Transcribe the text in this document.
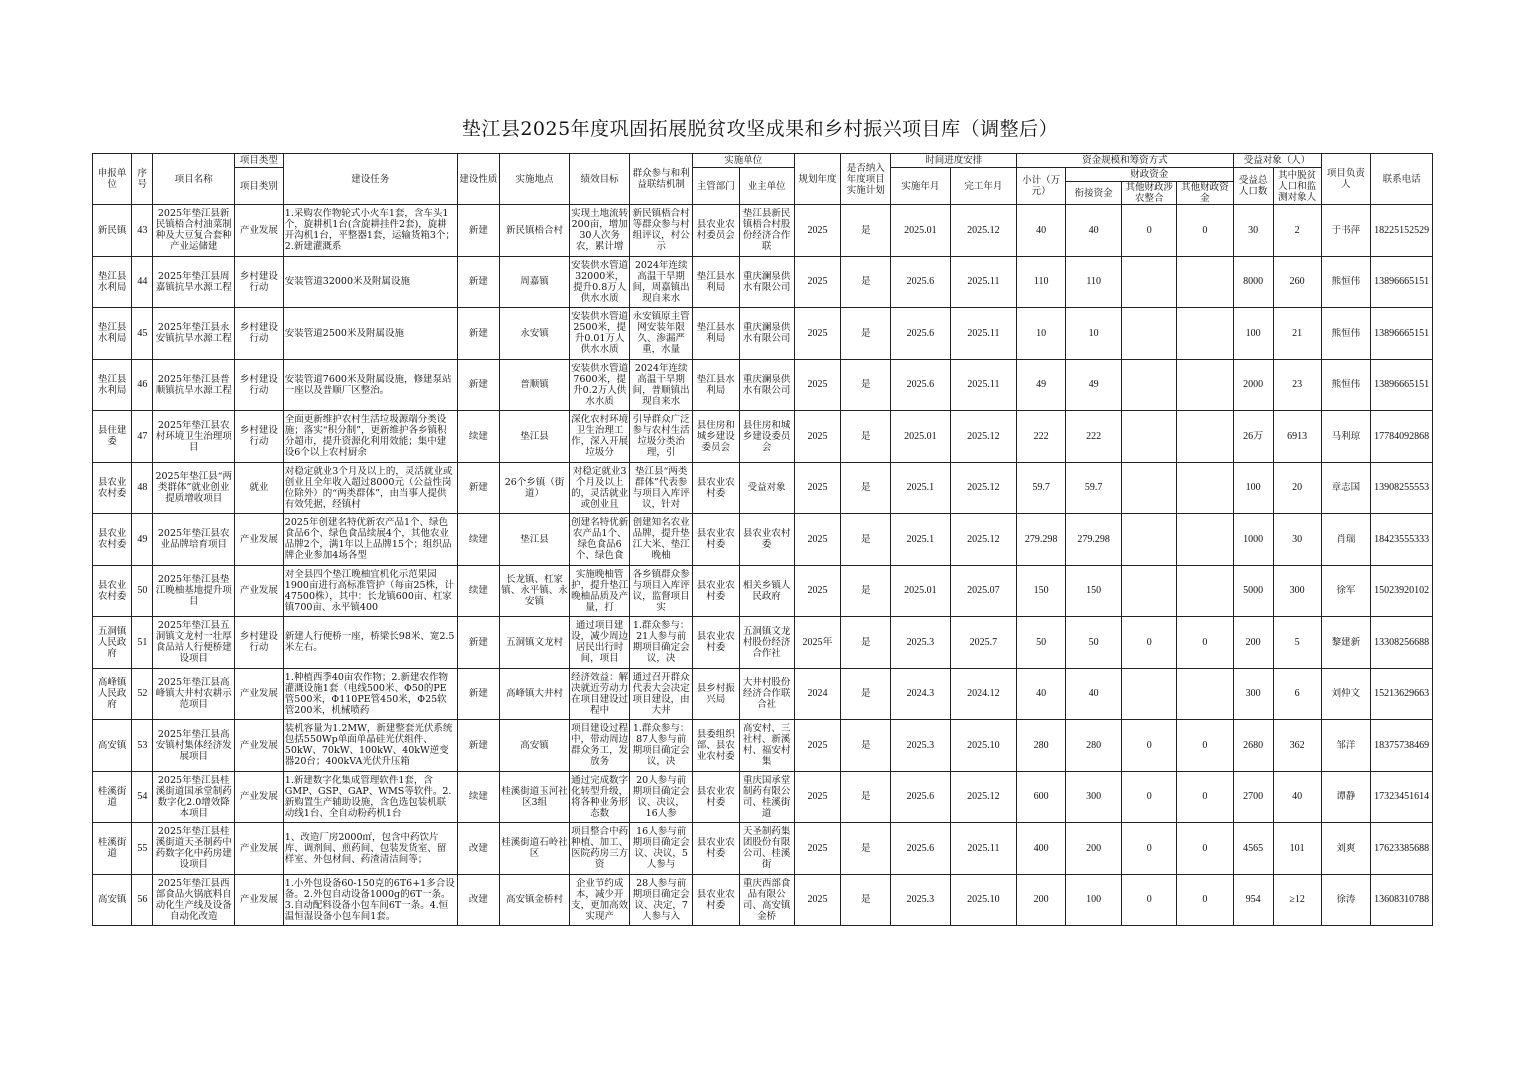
垫江县2025年度巩固拓展脱贫攻坚成果和乡村振兴项目库（调整后）
申报单位	序号	项目名称	项目类型	建设任务	建设性质	实施地点	绩效目标	群众参与和利益联结机制	实施单位		规划年度	是否纳入年度项目实施计划	时间进度安排		资金规模和筹资方式				受益对象（人）		项目负责人	联系电话
			项目类别						主管部门	业主单位			实施年月	完工年月	小计（万元）	财政资金			受益总人口数	其中脱贫人口和监测对象人		
																衔接资金	其他财政涉农整合	其他财政资金				

新民镇	43	2025年垫江县新民镇梧合村油菜制种及大豆复合套种产业运储建	产业发展	1.采购农作物轮式小火车1套，含车头1个，旋耕机1台(含旋耕挂件2套)，旋耕开沟机1台，平整器1套，运输货箱3个；2.新建灌溉系	新建	新民镇梧合村	实现土地流转200亩，增加30人次务农，累计增	新民镇梧合村等群众参与村组评议，村公示	县农业农村委员会	垫江县新民镇梧合村股份经济合作联	2025	是	2025.01	2025.12	40	40	0	0	30	2	于书萍	18225152529

垫江县水利局	44	2025年垫江县周嘉镇抗旱水源工程	乡村建设行动	安装管道32000米及附属设施	新建	周嘉镇	安装供水管道32000米，提升0.8万人供水水质	2024年连续高温干旱期间，周嘉镇出现自来水	垫江县水利局	重庆澜泉供水有限公司	2025	是	2025.6	2025.11	110	110			8000	260	熊恒伟	13896665151

垫江县水利局	45	2025年垫江县永安镇抗旱水源工程	乡村建设行动	安装管道2500米及附属设施	新建	永安镇	安装供水管道2500米，提升0.01万人供水水质	永安镇原主管网安装年限久、渗漏严重，水量	垫江县水利局	重庆澜泉供水有限公司	2025	是	2025.6	2025.11	10	10			100	21	熊恒伟	13896665151

垫江县水利局	46	2025年垫江县普顺镇抗旱水源工程	乡村建设行动	安装管道7600米及附属设施，修建泵站一座以及普顺厂区整治。	新建	普顺镇	安装供水管道7600米，提升0.2万人供水水质	2024年连续高温干旱期间，普顺镇出现自来水	垫江县水利局	重庆澜泉供水有限公司	2025	是	2025.6	2025.11	49	49			2000	23	熊恒伟	13896665151

县住建委	47	2025年垫江县农村环境卫生治理项目	乡村建设行动	全面更新维护农村生活垃圾源端分类设施；落实“积分制”，更新维护各乡镇积分超市，提升资源化利用效能；集中建设6个以上农村厨余	续建	垫江县	深化农村环境卫生治理工作，深入开展垃圾分	引导群众广泛参与农村生活垃圾分类治理，引	县住房和城乡建设委员会	县住房和城乡建设委员会	2025	是	2025.01	2025.12	222	222			26万	6913	马利琼	17784092868

县农业农村委	48	2025年垫江县“两类群体”就业创业提质增收项目	就业	对稳定就业3个月及以上的，灵活就业或创业且全年收入超过8000元（公益性岗位除外）的“两类群体”，由当事人提供有效凭据，经镇村	新建	26个乡镇（街道）	对稳定就业3个月及以上的，灵活就业或创业且	垫江县“两类群体”代表参与项目入库评议，针对	县农业农村委	受益对象	2025	是	2025.1	2025.12	59.7	59.7			100	20	章志国	13908255553

县农业农村委	49	2025年垫江县农业品牌培育项目	产业发展	2025年创建名特优新农产品1个、绿色食品6个、绿色食品续展4个，其他农业品牌2个，满1年以上品牌15个；组织品牌企业参加4场各型	续建	垫江县	创建名特优新农产品1个、绿色食品6个、绿色食	创建知名农业品牌，提升垫江大米、垫江晚柚	县农业农村委	县农业农村委	2025	是	2025.1	2025.12	279.298	279.298			1000	30	肖瑞	18423555333

县农业农村委	50	2025年垫江县垫江晚柚基地提升项目	产业发展	对全县四个垫江晚柚宜机化示范果园1900亩进行高标准管护（每亩25株，计47500株），其中：长龙镇600亩、杠家镇700亩、永平镇400	续建	长龙镇、杠家镇、永平镇、永安镇	实施晚柚管护，提升垫江晚柚品质及产量，打	各乡镇群众参与项目入库评议，监督项目实	县农业农村委	相关乡镇人民政府	2025	是	2025.01	2025.07	150	150			5000	300	徐军	15023920102

五洞镇人民政府	51	2025年垫江县五洞镇文龙村一壮厚食品站人行便桥建设项目	乡村建设行动	新建人行便桥一座，桥梁长98米、宽2.5米左右。	新建	五洞镇文龙村	通过项目建设，减少周边居民出行时间，项目	1.群众参与：21人参与前期项目确定会议，决	县农业农村委	五洞镇文龙村股份经济合作社	2025年	是	2025.3	2025.7	50	50	0	0	200	5	黎建新	13308256688

高峰镇人民政府	52	2025年垫江县高峰镇大井村农耕示范项目	产业发展	1.种植西季40亩农作物；2.新建农作物灌溉设施1套（电线500米、Φ50的PE管500米，Φ110PE管450米，Φ25软管200米，机械喷药	新建	高峰镇大井村	经济效益：解决就近劳动力在项目建设过程中	通过召开群众代表大会决定项目建设，由大井	县乡村振兴局	大井村股份经济合作联合社	2024	是	2024.3	2024.12	40	40			300	6	刘仲文	15213629663

高安镇	53	2025年垫江县高安镇村集体经济发展项目	产业发展	装机容量为1.2MW，新建整套光伏系统包括550Wp单面单晶硅光伏组件、50kW、70kW、100kW、40kW逆变器20台；400kVA光伏升压箱	新建	高安镇	项目建设过程中，带动周边群众务工，发放务	1.群众参与：87人参与前期项目确定会议，决	县委组织部、县农业农村委	高安村、三社村、新溪村、福安村集	2025	是	2025.3	2025.10	280	280	0	0	2680	362	邹洋	18375738469

桂溪街道	54	2025年垫江县桂溪街道国承堂制药数字化2.0增效降本项目	产业发展	1.新建数字化集成管理软件1套，含GMP、GSP、GAP、WMS等软件。2.新购置生产辅助设施，含色选包装机联动线1台、全自动粉药机1台	续建	桂溪街道玉河社区3组	通过完成数字化转型升级，将各种业务形态数	20人参与前期项目确定会议、决议，16人参	县农业农村委	重庆国承堂制药有限公司、桂溪街道	2025	是	2025.6	2025.12	600	300	0	0	2700	40	谭静	17323451614

桂溪街道	55	2025年垫江县桂溪街道天圣制药中药数字化中药房建设项目	产业发展	1、改造厂房2000㎡，包含中药饮片库、调剂间、煎药间、包装发货室、留样室、外包材间、药渣清洁间等；	改建	桂溪街道石岭社区	项目整合中药种植、加工、医院药房三方资	16人参与前期项目确定会议、决议，5人参与	县农业农村委	天圣制药集团股份有限公司、桂溪街	2025	是	2025.6	2025.11	400	200	0	0	4565	101	刘爽	17623385688

高安镇	56	2025年垫江县西部食品火锅底料自动化生产线及设备自动化改造	产业发展	1.小外包设备60-150克的6T6+1多合设备。2.外包自动设备1000g的6T一条。3.自动配料设备小包车间6T一条。4.恒温恒湿设备小包车间1套。	改建	高安镇金桥村	企业节约成本，减少开支，更加高效实现产	28人参与前期项目确定会议、决定，7人参与入	县农业农村委	重庆西部食品有限公司、高安镇金桥	2025	是	2025.3	2025.10	200	100	0	0	954	≥12	徐涛	13608310788
